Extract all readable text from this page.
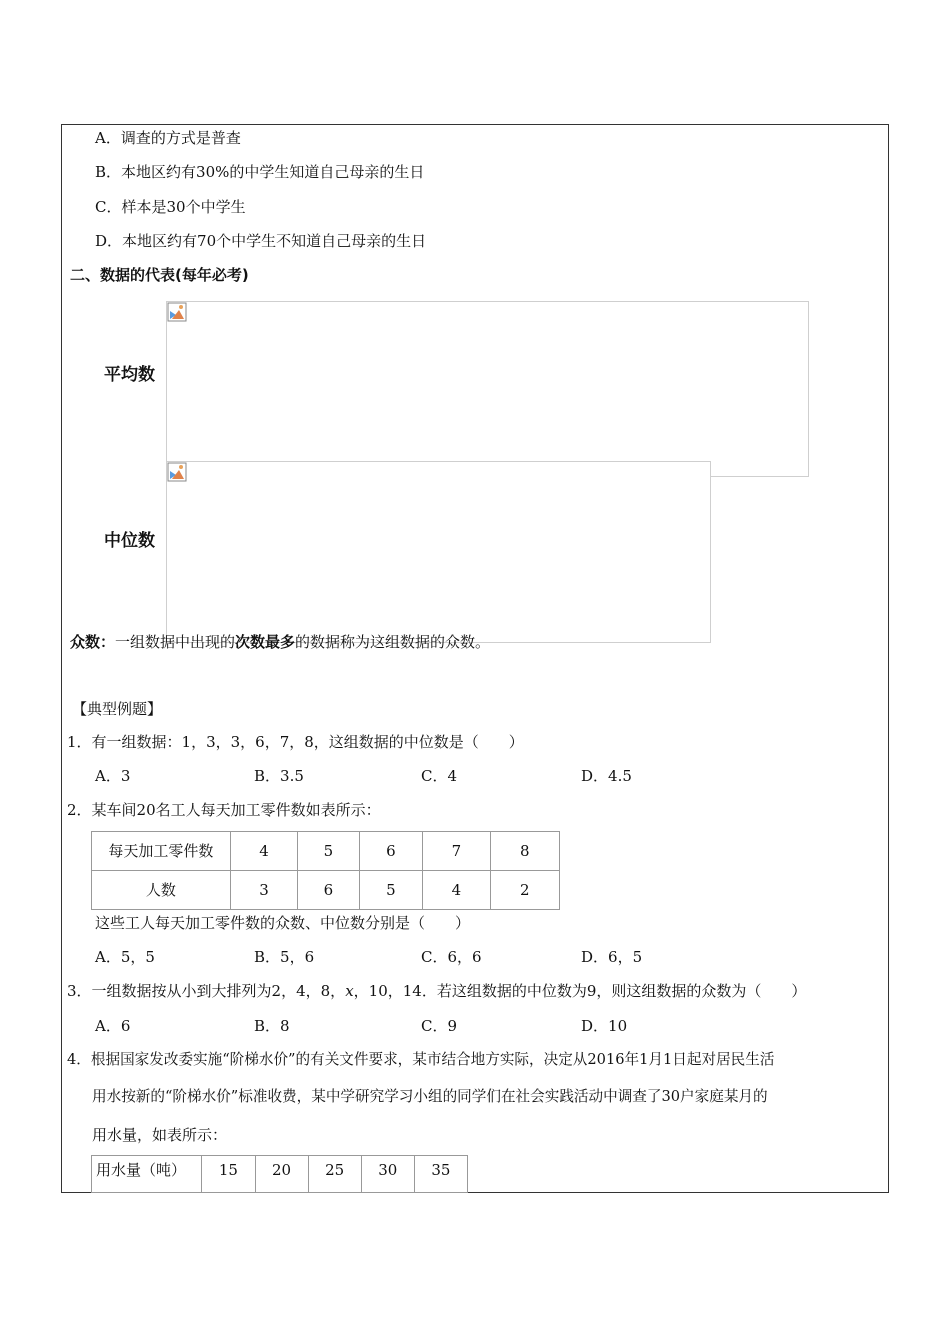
A．调查的方式是普查
B．本地区约有30%的中学生知道自己母亲的生日
C．样本是30个中学生
D．本地区约有70个中学生不知道自己母亲的生日
二、数据的代表(每年必考)
平均数
中位数
众数：一组数据中出现的次数最多的数据称为这组数据的众数。
【典型例题】
1．有一组数据：1，3，3，6，7，8，这组数据的中位数是（　　）
A．3	B．3.5	C．4	D．4.5
2．某车间20名工人每天加工零件数如表所示：
每天加工零件数	4	5	6	7	8
人数	3	6	5	4	2
这些工人每天加工零件数的众数、中位数分别是（　　）
A．5，5	B．5，6	C．6，6	D．6，5
3．一组数据按从小到大排列为2，4，8，x，10，14．若这组数据的中位数为9，则这组数据的众数为（　　）
A．6	B．8	C．9	D．10
4．根据国家发改委实施“阶梯水价”的有关文件要求，某市结合地方实际，决定从2016年1月1日起对居民生活
用水按新的“阶梯水价”标准收费，某中学研究学习小组的同学们在社会实践活动中调查了30户家庭某月的
用水量，如表所示：
用水量（吨）	15	20	25	30	35
